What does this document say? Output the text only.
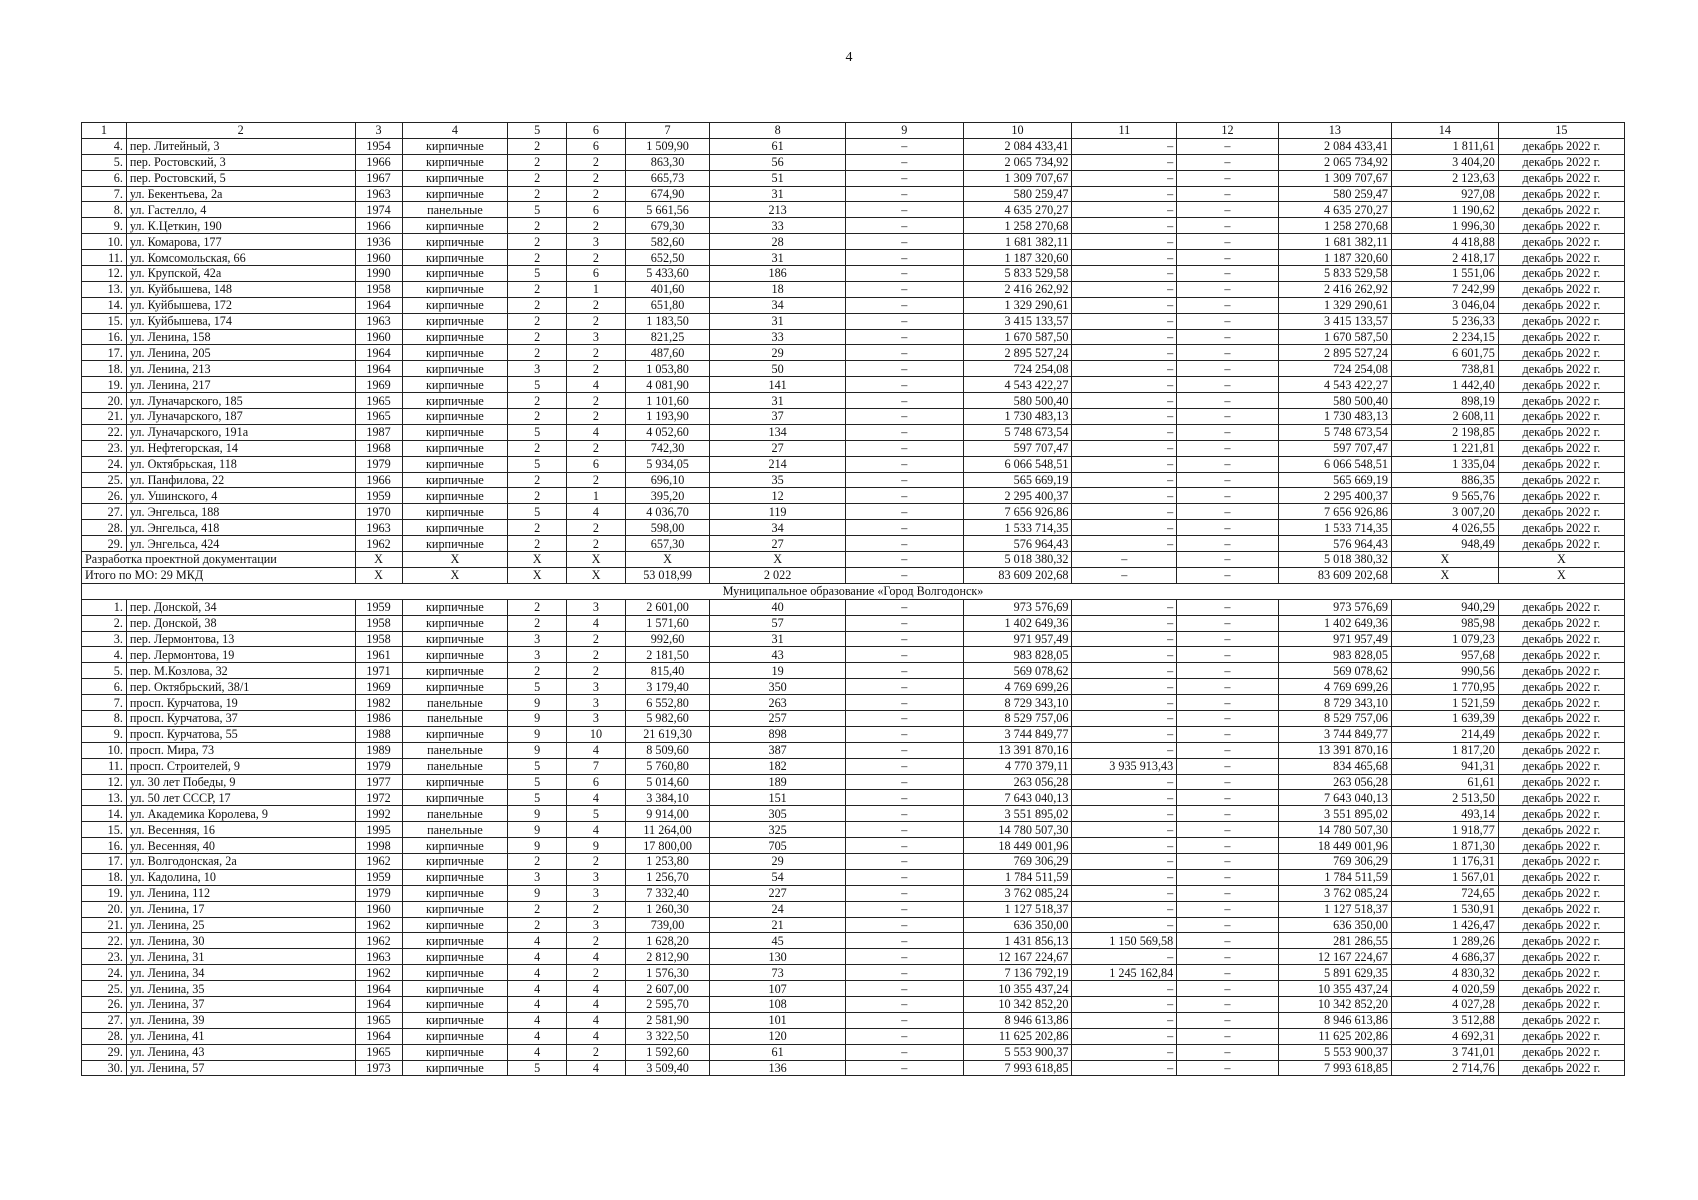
4
1	2	3	4	5	6	7	8	9	10	11	12	13	14	15
4.	пер. Литейный, 3	1954	кирпичные	2	6	1 509,90	61	–	2 084 433,41	–	–	2 084 433,41	1 811,61	декабрь 2022 г.
5.	пер. Ростовский, 3	1966	кирпичные	2	2	863,30	56	–	2 065 734,92	–	–	2 065 734,92	3 404,20	декабрь 2022 г.
6.	пер. Ростовский, 5	1967	кирпичные	2	2	665,73	51	–	1 309 707,67	–	–	1 309 707,67	2 123,63	декабрь 2022 г.
7.	ул. Бекентьева, 2а	1963	кирпичные	2	2	674,90	31	–	580 259,47	–	–	580 259,47	927,08	декабрь 2022 г.
8.	ул. Гастелло, 4	1974	панельные	5	6	5 661,56	213	–	4 635 270,27	–	–	4 635 270,27	1 190,62	декабрь 2022 г.
9.	ул. К.Цеткин, 190	1966	кирпичные	2	2	679,30	33	–	1 258 270,68	–	–	1 258 270,68	1 996,30	декабрь 2022 г.
10.	ул. Комарова, 177	1936	кирпичные	2	3	582,60	28	–	1 681 382,11	–	–	1 681 382,11	4 418,88	декабрь 2022 г.
11.	ул. Комсомольская, 66	1960	кирпичные	2	2	652,50	31	–	1 187 320,60	–	–	1 187 320,60	2 418,17	декабрь 2022 г.
12.	ул. Крупской, 42а	1990	кирпичные	5	6	5 433,60	186	–	5 833 529,58	–	–	5 833 529,58	1 551,06	декабрь 2022 г.
13.	ул. Куйбышева, 148	1958	кирпичные	2	1	401,60	18	–	2 416 262,92	–	–	2 416 262,92	7 242,99	декабрь 2022 г.
14.	ул. Куйбышева, 172	1964	кирпичные	2	2	651,80	34	–	1 329 290,61	–	–	1 329 290,61	3 046,04	декабрь 2022 г.
15.	ул. Куйбышева, 174	1963	кирпичные	2	2	1 183,50	31	–	3 415 133,57	–	–	3 415 133,57	5 236,33	декабрь 2022 г.
16.	ул. Ленина, 158	1960	кирпичные	2	3	821,25	33	–	1 670 587,50	–	–	1 670 587,50	2 234,15	декабрь 2022 г.
17.	ул. Ленина, 205	1964	кирпичные	2	2	487,60	29	–	2 895 527,24	–	–	2 895 527,24	6 601,75	декабрь 2022 г.
18.	ул. Ленина, 213	1964	кирпичные	3	2	1 053,80	50	–	724 254,08	–	–	724 254,08	738,81	декабрь 2022 г.
19.	ул. Ленина, 217	1969	кирпичные	5	4	4 081,90	141	–	4 543 422,27	–	–	4 543 422,27	1 442,40	декабрь 2022 г.
20.	ул. Луначарского, 185	1965	кирпичные	2	2	1 101,60	31	–	580 500,40	–	–	580 500,40	898,19	декабрь 2022 г.
21.	ул. Луначарского, 187	1965	кирпичные	2	2	1 193,90	37	–	1 730 483,13	–	–	1 730 483,13	2 608,11	декабрь 2022 г.
22.	ул. Луначарского, 191а	1987	кирпичные	5	4	4 052,60	134	–	5 748 673,54	–	–	5 748 673,54	2 198,85	декабрь 2022 г.
23.	ул. Нефтегорская, 14	1968	кирпичные	2	2	742,30	27	–	597 707,47	–	–	597 707,47	1 221,81	декабрь 2022 г.
24.	ул. Октябрьская, 118	1979	кирпичные	5	6	5 934,05	214	–	6 066 548,51	–	–	6 066 548,51	1 335,04	декабрь 2022 г.
25.	ул. Панфилова, 22	1966	кирпичные	2	2	696,10	35	–	565 669,19	–	–	565 669,19	886,35	декабрь 2022 г.
26.	ул. Ушинского, 4	1959	кирпичные	2	1	395,20	12	–	2 295 400,37	–	–	2 295 400,37	9 565,76	декабрь 2022 г.
27.	ул. Энгельса, 188	1970	кирпичные	5	4	4 036,70	119	–	7 656 926,86	–	–	7 656 926,86	3 007,20	декабрь 2022 г.
28.	ул. Энгельса, 418	1963	кирпичные	2	2	598,00	34	–	1 533 714,35	–	–	1 533 714,35	4 026,55	декабрь 2022 г.
29.	ул. Энгельса, 424	1962	кирпичные	2	2	657,30	27	–	576 964,43	–	–	576 964,43	948,49	декабрь 2022 г.
Разработка проектной документации		X	X	X	X	X	X	–	5 018 380,32	–	–	5 018 380,32	X	X
Итого по МО: 29 МКД		X	X	X	X	53 018,99	2 022	–	83 609 202,68	–	–	83 609 202,68	X	X
Муниципальное образование «Город Волгодонск»														
1.	пер. Донской, 34	1959	кирпичные	2	3	2 601,00	40	–	973 576,69	–	–	973 576,69	940,29	декабрь 2022 г.
2.	пер. Донской, 38	1958	кирпичные	2	4	1 571,60	57	–	1 402 649,36	–	–	1 402 649,36	985,98	декабрь 2022 г.
3.	пер. Лермонтова, 13	1958	кирпичные	3	2	992,60	31	–	971 957,49	–	–	971 957,49	1 079,23	декабрь 2022 г.
4.	пер. Лермонтова, 19	1961	кирпичные	3	2	2 181,50	43	–	983 828,05	–	–	983 828,05	957,68	декабрь 2022 г.
5.	пер. М.Козлова, 32	1971	кирпичные	2	2	815,40	19	–	569 078,62	–	–	569 078,62	990,56	декабрь 2022 г.
6.	пер. Октябрьский, 38/1	1969	кирпичные	5	3	3 179,40	350	–	4 769 699,26	–	–	4 769 699,26	1 770,95	декабрь 2022 г.
7.	просп. Курчатова, 19	1982	панельные	9	3	6 552,80	263	–	8 729 343,10	–	–	8 729 343,10	1 521,59	декабрь 2022 г.
8.	просп. Курчатова, 37	1986	панельные	9	3	5 982,60	257	–	8 529 757,06	–	–	8 529 757,06	1 639,39	декабрь 2022 г.
9.	просп. Курчатова, 55	1988	кирпичные	9	10	21 619,30	898	–	3 744 849,77	–	–	3 744 849,77	214,49	декабрь 2022 г.
10.	просп. Мира, 73	1989	панельные	9	4	8 509,60	387	–	13 391 870,16	–	–	13 391 870,16	1 817,20	декабрь 2022 г.
11.	просп. Строителей, 9	1979	панельные	5	7	5 760,80	182	–	4 770 379,11	3 935 913,43	–	834 465,68	941,31	декабрь 2022 г.
12.	ул. 30 лет Победы, 9	1977	кирпичные	5	6	5 014,60	189	–	263 056,28	–	–	263 056,28	61,61	декабрь 2022 г.
13.	ул. 50 лет СССР, 17	1972	кирпичные	5	4	3 384,10	151	–	7 643 040,13	–	–	7 643 040,13	2 513,50	декабрь 2022 г.
14.	ул. Академика Королева, 9	1992	панельные	9	5	9 914,00	305	–	3 551 895,02	–	–	3 551 895,02	493,14	декабрь 2022 г.
15.	ул. Весенняя, 16	1995	панельные	9	4	11 264,00	325	–	14 780 507,30	–	–	14 780 507,30	1 918,77	декабрь 2022 г.
16.	ул. Весенняя, 40	1998	кирпичные	9	9	17 800,00	705	–	18 449 001,96	–	–	18 449 001,96	1 871,30	декабрь 2022 г.
17.	ул. Волгодонская, 2а	1962	кирпичные	2	2	1 253,80	29	–	769 306,29	–	–	769 306,29	1 176,31	декабрь 2022 г.
18.	ул. Кадолина, 10	1959	кирпичные	3	3	1 256,70	54	–	1 784 511,59	–	–	1 784 511,59	1 567,01	декабрь 2022 г.
19.	ул. Ленина, 112	1979	кирпичные	9	3	7 332,40	227	–	3 762 085,24	–	–	3 762 085,24	724,65	декабрь 2022 г.
20.	ул. Ленина, 17	1960	кирпичные	2	2	1 260,30	24	–	1 127 518,37	–	–	1 127 518,37	1 530,91	декабрь 2022 г.
21.	ул. Ленина, 25	1962	кирпичные	2	3	739,00	21	–	636 350,00	–	–	636 350,00	1 426,47	декабрь 2022 г.
22.	ул. Ленина, 30	1962	кирпичные	4	2	1 628,20	45	–	1 431 856,13	1 150 569,58	–	281 286,55	1 289,26	декабрь 2022 г.
23.	ул. Ленина, 31	1963	кирпичные	4	4	2 812,90	130	–	12 167 224,67	–	–	12 167 224,67	4 686,37	декабрь 2022 г.
24.	ул. Ленина, 34	1962	кирпичные	4	2	1 576,30	73	–	7 136 792,19	1 245 162,84	–	5 891 629,35	4 830,32	декабрь 2022 г.
25.	ул. Ленина, 35	1964	кирпичные	4	4	2 607,00	107	–	10 355 437,24	–	–	10 355 437,24	4 020,59	декабрь 2022 г.
26.	ул. Ленина, 37	1964	кирпичные	4	4	2 595,70	108	–	10 342 852,20	–	–	10 342 852,20	4 027,28	декабрь 2022 г.
27.	ул. Ленина, 39	1965	кирпичные	4	4	2 581,90	101	–	8 946 613,86	–	–	8 946 613,86	3 512,88	декабрь 2022 г.
28.	ул. Ленина, 41	1964	кирпичные	4	4	3 322,50	120	–	11 625 202,86	–	–	11 625 202,86	4 692,31	декабрь 2022 г.
29.	ул. Ленина, 43	1965	кирпичные	4	2	1 592,60	61	–	5 553 900,37	–	–	5 553 900,37	3 741,01	декабрь 2022 г.
30.	ул. Ленина, 57	1973	кирпичные	5	4	3 509,40	136	–	7 993 618,85	–	–	7 993 618,85	2 714,76	декабрь 2022 г.
